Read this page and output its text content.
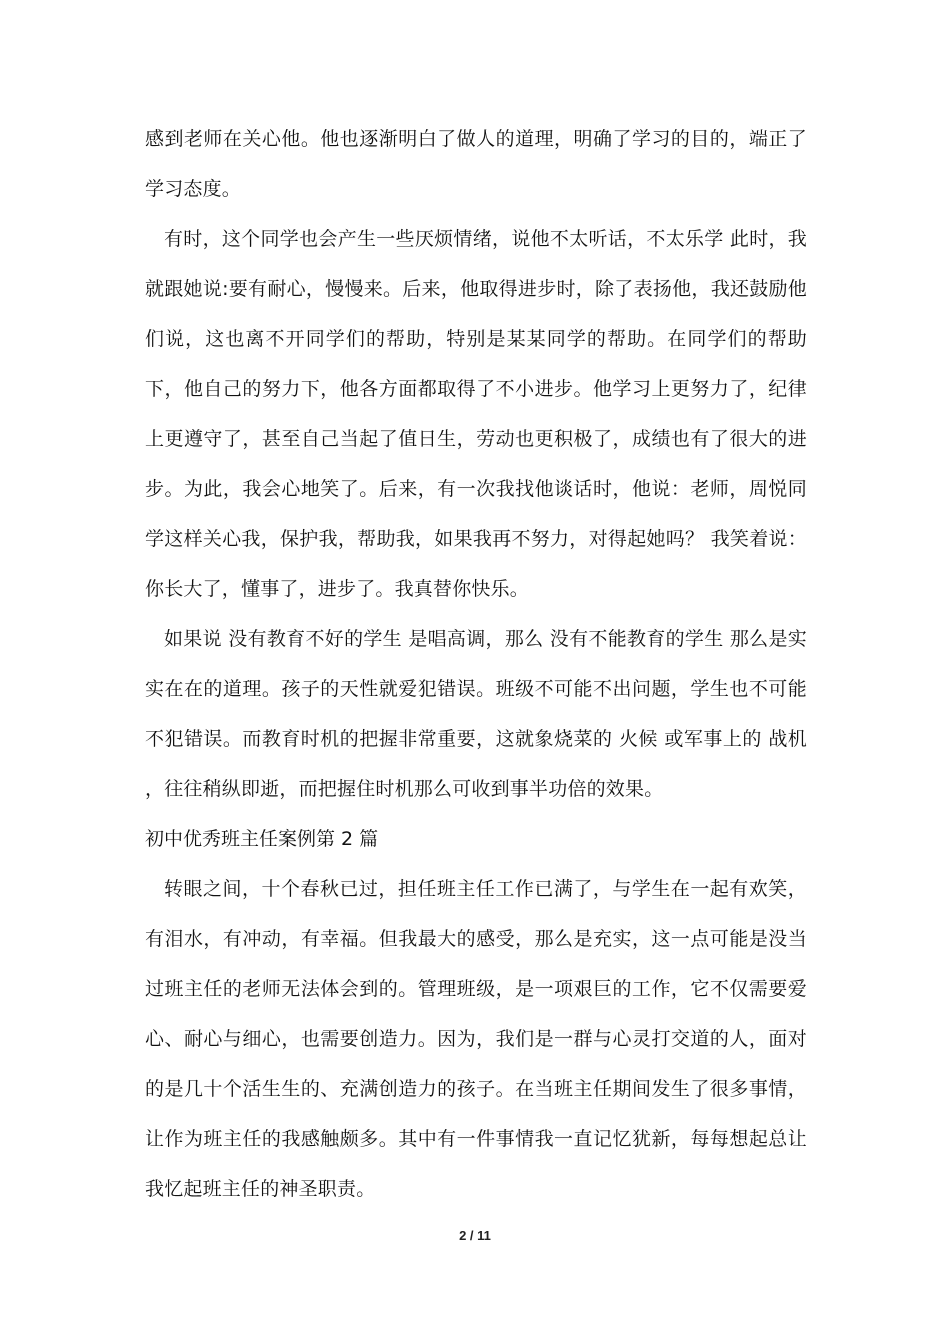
感到老师在关心他。他也逐渐明白了做人的道理，明确了学习的目的，端正了学习态度。

有时，这个同学也会产生一些厌烦情绪，说他不太听话，不太乐学 此时，我就跟她说:要有耐心，慢慢来。后来，他取得进步时，除了表扬他，我还鼓励他们说，这也离不开同学们的帮助，特别是某某同学的帮助。在同学们的帮助下，他自己的努力下，他各方面都取得了不小进步。他学习上更努力了，纪律上更遵守了，甚至自己当起了值日生，劳动也更积极了，成绩也有了很大的进步。为此，我会心地笑了。后来，有一次我找他谈话时，他说：老师，周悦同学这样关心我，保护我，帮助我，如果我再不努力，对得起她吗？ 我笑着说：你长大了，懂事了，进步了。我真替你快乐。

如果说 没有教育不好的学生 是唱高调，那么 没有不能教育的学生 那么是实实在在的道理。孩子的天性就爱犯错误。班级不可能不出问题，学生也不可能不犯错误。而教育时机的把握非常重要，这就象烧菜的 火候 或军事上的 战机 ，往往稍纵即逝，而把握住时机那么可收到事半功倍的效果。

初中优秀班主任案例第 2 篇

转眼之间，十个春秋已过，担任班主任工作已满了，与学生在一起有欢笑，有泪水，有冲动，有幸福。但我最大的感受，那么是充实，这一点可能是没当过班主任的老师无法体会到的。管理班级，是一项艰巨的工作，它不仅需要爱心、耐心与细心，也需要创造力。因为，我们是一群与心灵打交道的人，面对的是几十个活生生的、充满创造力的孩子。在当班主任期间发生了很多事情，让作为班主任的我感触颇多。其中有一件事情我一直记忆犹新，每每想起总让我忆起班主任的神圣职责。

2 / 11
